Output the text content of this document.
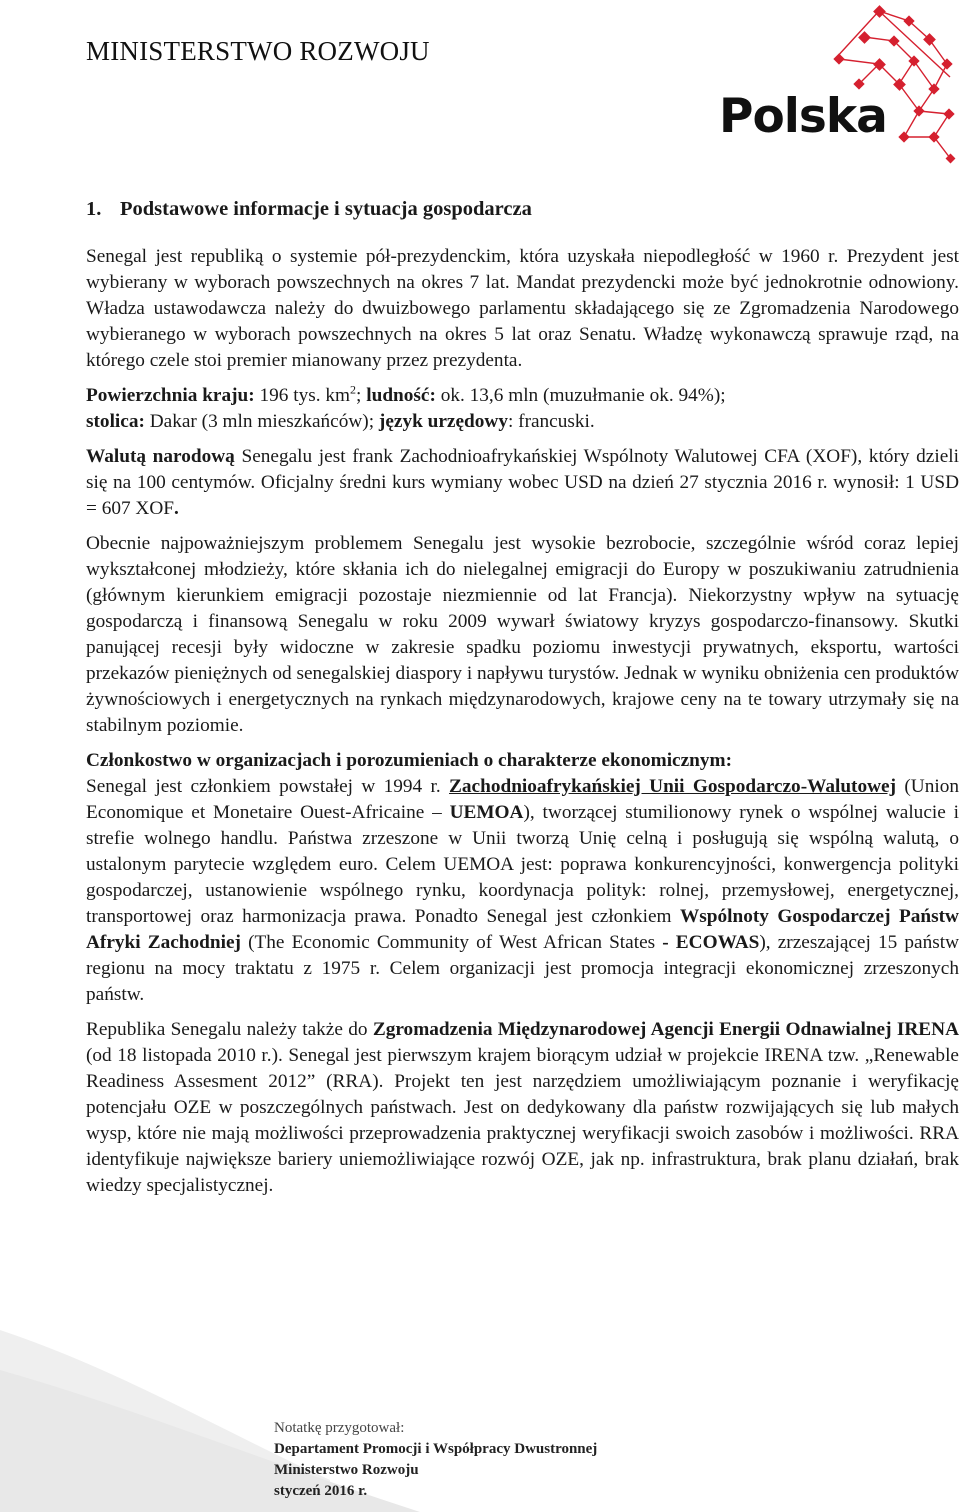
MINISTERSTWO ROZWOJU
Polska
1. Podstawowe informacje i sytuacja gospodarcza

Senegal jest republiką o systemie pół-prezydenckim, która uzyskała niepodległość w 1960 r. Prezydent jest wybierany w wyborach powszechnych na okres 7 lat. Mandat prezydencki może być jednokrotnie odnowiony. Władza ustawodawcza należy do dwuizbowego parlamentu składającego się ze Zgromadzenia Narodowego wybieranego w wyborach powszechnych na okres 5 lat oraz Senatu. Władzę wykonawczą sprawuje rząd, na którego czele stoi premier mianowany przez prezydenta.

Powierzchnia kraju: 196 tys. $km^2$; ludność: ok. 13,6 mln (muzułmanie ok. 94%);
stolica: Dakar (3 mln mieszkańców); język urzędowy: francuski.

Walutą narodową Senegalu jest frank Zachodnioafrykańskiej Wspólnoty Walutowej CFA (XOF), który dzieli się na 100 centymów. Oficjalny średni kurs wymiany wobec USD na dzień 27 stycznia 2016 r. wynosił: 1 USD = 607 XOF.

Obecnie najpoważniejszym problemem Senegalu jest wysokie bezrobocie, szczególnie wśród coraz lepiej wykształconej młodzieży, które skłania ich do nielegalnej emigracji do Europy w poszukiwaniu zatrudnienia (głównym kierunkiem emigracji pozostaje niezmiennie od lat Francja). Niekorzystny wpływ na sytuację gospodarczą i finansową Senegalu w roku 2009 wywarł światowy kryzys gospodarczo-finansowy. Skutki panującej recesji były widoczne w zakresie spadku poziomu inwestycji prywatnych, eksportu, wartości przekazów pieniężnych od senegalskiej diaspory i napływu turystów. Jednak w wyniku obniżenia cen produktów żywnościowych i energetycznych na rynkach międzynarodowych, krajowe ceny na te towary utrzymały się na stabilnym poziomie.

Członkostwo w organizacjach i porozumieniach o charakterze ekonomicznym:
Senegal jest członkiem powstałej w 1994 r. Zachodnioafrykańskiej Unii Gospodarczo-Walutowej (Union Economique et Monetaire Ouest-Africaine – UEMOA), tworzącej stumilionowy rynek o wspólnej walucie i strefie wolnego handlu. Państwa zrzeszone w Unii tworzą Unię celną i posługują się wspólną walutą, o ustalonym parytecie względem euro. Celem UEMOA jest: poprawa konkurencyjności, konwergencja polityki gospodarczej, ustanowienie wspólnego rynku, koordynacja polityk: rolnej, przemysłowej, energetycznej, transportowej oraz harmonizacja prawa. Ponadto Senegal jest członkiem Wspólnoty Gospodarczej Państw Afryki Zachodniej (The Economic Community of West African States - ECOWAS), zrzeszającej 15 państw regionu na mocy traktatu z 1975 r. Celem organizacji jest promocja integracji ekonomicznej zrzeszonych państw.

Republika Senegalu należy także do Zgromadzenia Międzynarodowej Agencji Energii Odnawialnej IRENA (od 18 listopada 2010 r.). Senegal jest pierwszym krajem biorącym udział w projekcie IRENA tzw. „Renewable Readiness Assesment 2012” (RRA). Projekt ten jest narzędziem umożliwiającym poznanie i weryfikację potencjału OZE w poszczególnych państwach. Jest on dedykowany dla państw rozwijających się lub małych wysp, które nie mają możliwości przeprowadzenia praktycznej weryfikacji swoich zasobów i możliwości. RRA identyfikuje największe bariery uniemożliwiające rozwój OZE, jak np. infrastruktura, brak planu działań, brak wiedzy specjalistycznej.

Notatkę przygotował:
Departament Promocji i Współpracy Dwustronnej
Ministerstwo Rozwoju
styczeń 2016 r.
